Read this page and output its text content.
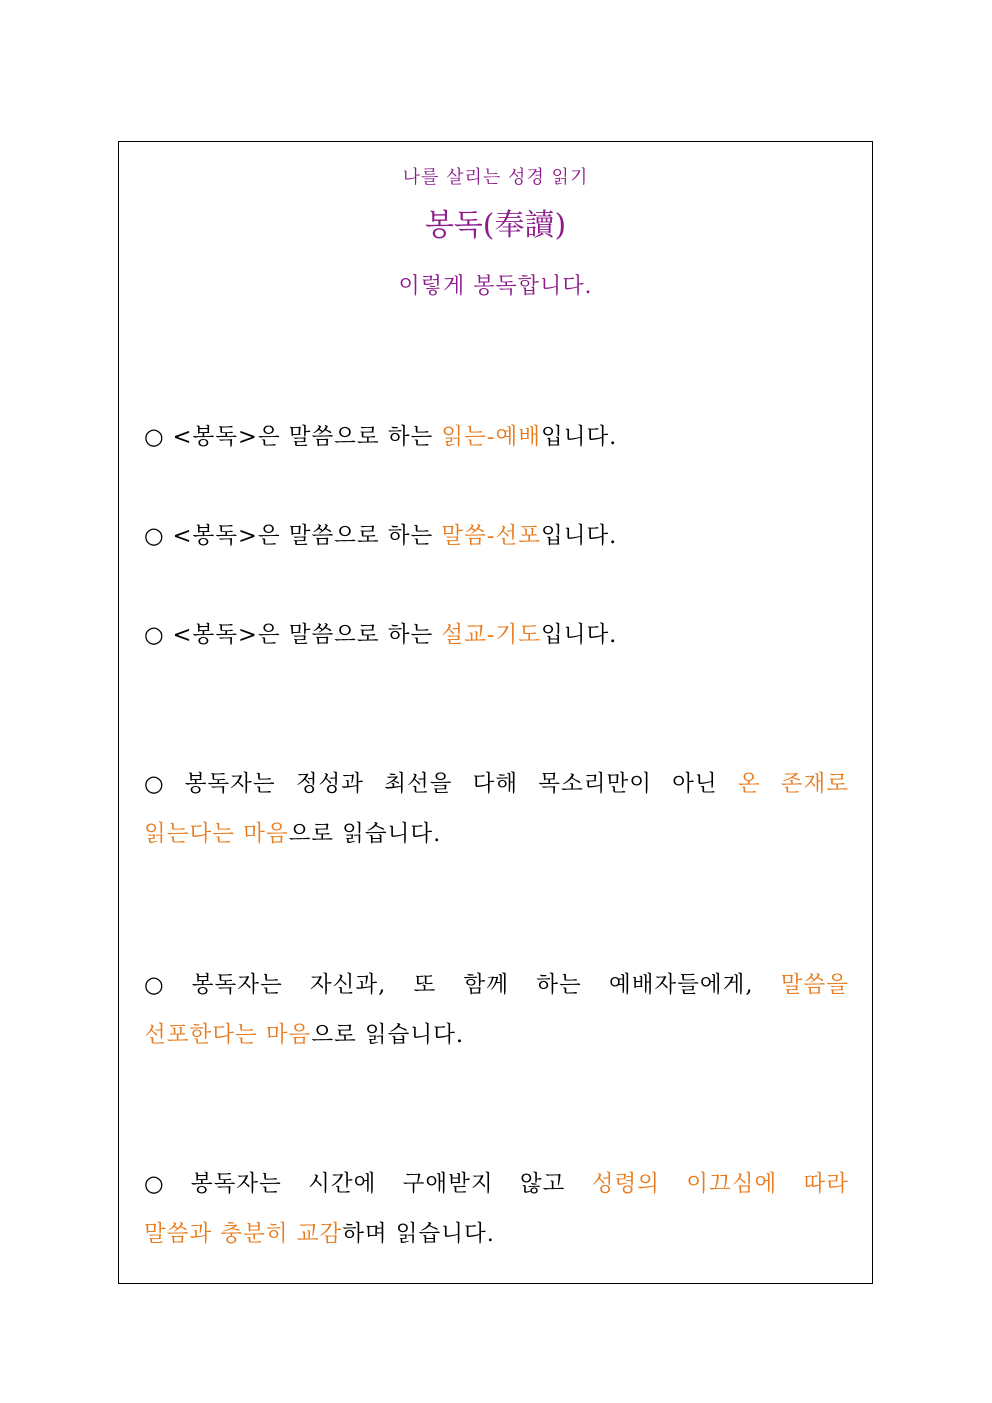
나를 살리는 성경 읽기
봉독(奉讀)
이렇게 봉독합니다.
○ <봉독>은 말씀으로 하는 읽는-예배입니다.
○ <봉독>은 말씀으로 하는 말씀-선포입니다.
○ <봉독>은 말씀으로 하는 설교-기도입니다.
○ 봉독자는 정성과 최선을 다해 목소리만이 아닌 온 존재로
읽는다는 마음으로 읽습니다.
○ 봉독자는 자신과, 또 함께 하는 예배자들에게, 말씀을
선포한다는 마음으로 읽습니다.
○ 봉독자는 시간에 구애받지 않고 성령의 이끄심에 따라
말씀과 충분히 교감하며 읽습니다.
